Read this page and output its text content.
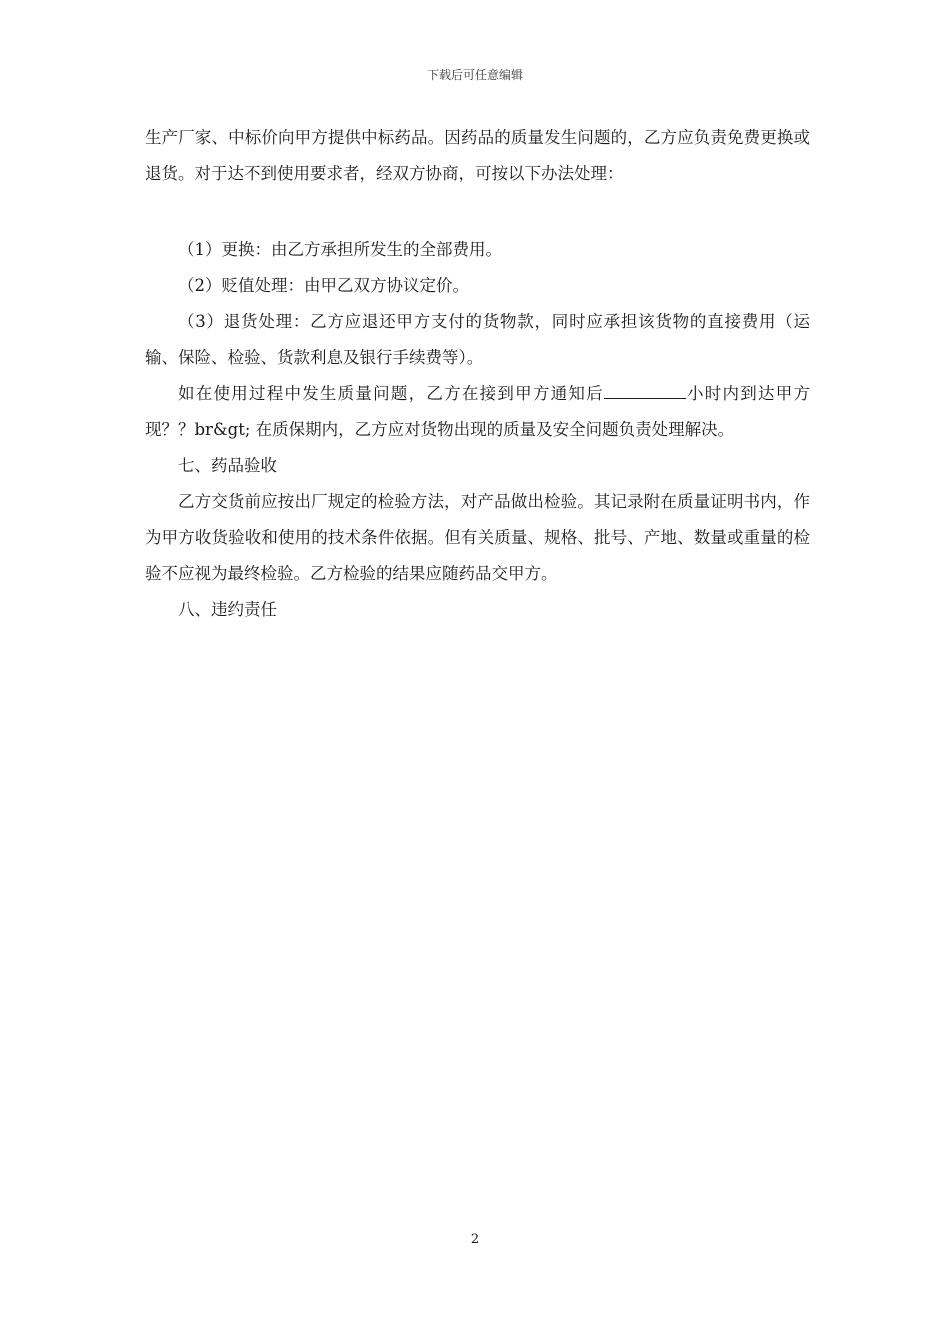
下载后可任意编辑

生产厂家、中标价向甲方提供中标药品。因药品的质量发生问题的，乙方应负责免费更换或退货。对于达不到使用要求者，经双方协商，可按以下办法处理：

（1）更换：由乙方承担所发生的全部费用。

（2）贬值处理：由甲乙双方协议定价。

（3）退货处理：乙方应退还甲方支付的货物款，同时应承担该货物的直接费用（运输、保险、检验、货款利息及银行手续费等）。

如在使用过程中发生质量问题，乙方在接到甲方通知后	小时内到达甲方现？？br&gt; 在质保期内，乙方应对货物出现的质量及安全问题负责处理解决。

七、药品验收

乙方交货前应按出厂规定的检验方法，对产品做出检验。其记录附在质量证明书内，作为甲方收货验收和使用的技术条件依据。但有关质量、规格、批号、产地、数量或重量的检验不应视为最终检验。乙方检验的结果应随药品交甲方。

八、违约责任

2
